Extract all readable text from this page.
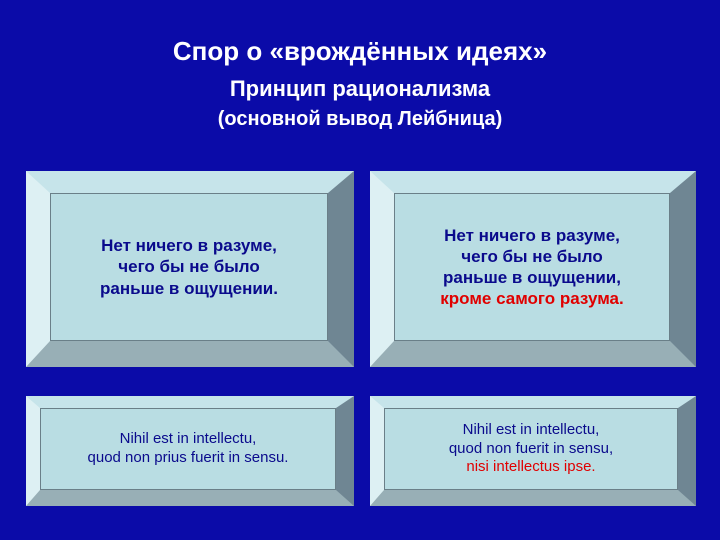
Спор о «врождённых идеях»
Принцип рационализма
(основной вывод Лейбница)
Нет ничего в разуме,
чего бы не было
раньше в ощущении.
Нет ничего в разуме,
чего бы не было
раньше в ощущении,
кроме самого разума.
Nihil est in intellectu,
quod non prius fuerit in sensu.
Nihil est in intellectu,
quod non fuerit in sensu,
nisi intellectus ipse.
